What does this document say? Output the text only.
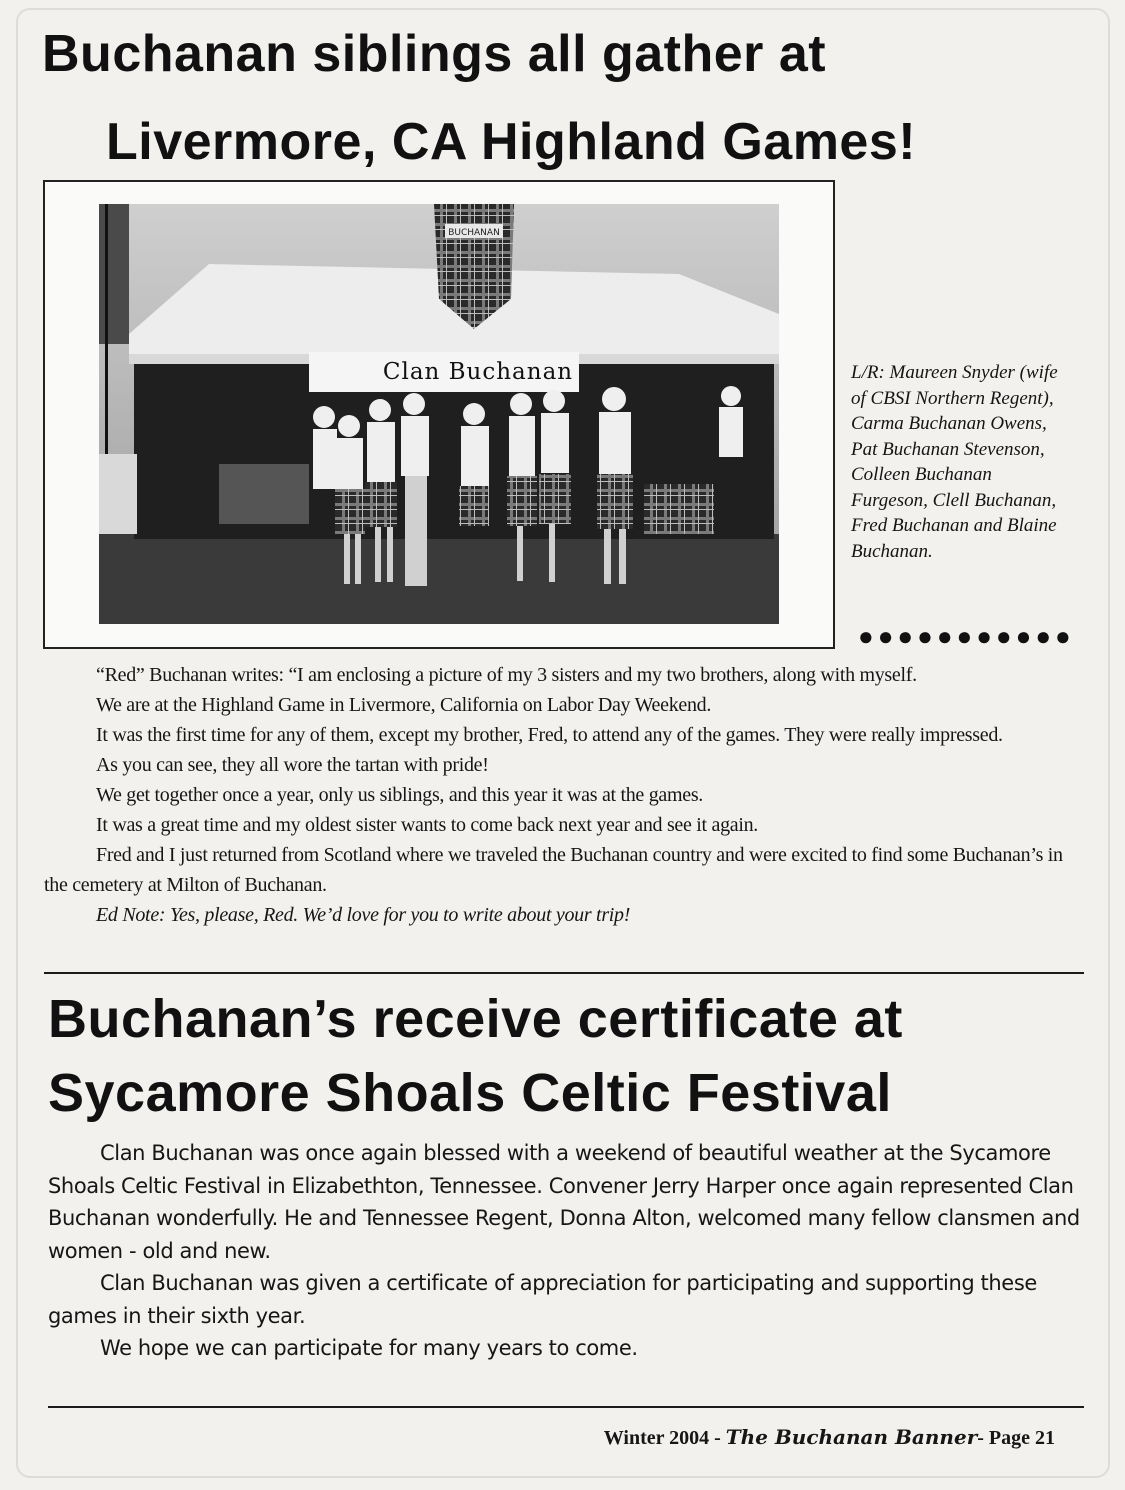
Buchanan siblings all gather at
Livermore, CA Highland Games!
BUCHANAN
Clan Buchanan	L/R: Maureen Snyder (wife of CBSI Northern Regent), Carma Buchanan Owens, Pat Buchanan Stevenson, Colleen Buchanan Furgeson, Clell Buchanan, Fred Buchanan and Blaine Buchanan.
●●●●●●●●●●●

“Red” Buchanan writes: “I am enclosing a picture of my 3 sisters and my two brothers, along with myself.

We are at the Highland Game in Livermore, California on Labor Day Weekend.

It was the first time for any of them, except my brother, Fred, to attend any of the games. They were really impressed.

As you can see, they all wore the tartan with pride!

We get together once a year, only us siblings, and this year it was at the games.

It was a great time and my oldest sister wants to come back next year and see it again.

Fred and I just returned from Scotland where we traveled the Buchanan country and were excited to find some Buchanan’s in the cemetery at Milton of Buchanan.

Ed Note: Yes, please, Red. We’d love for you to write about your trip!

Buchanan’s receive certificate at
Sycamore Shoals Celtic Festival

Clan Buchanan was once again blessed with a weekend of beautiful weather at the Sycamore Shoals Celtic Festival in Elizabethton, Tennessee. Convener Jerry Harper once again represented Clan Buchanan wonderfully. He and Tennessee Regent, Donna Alton, welcomed many fellow clansmen and women - old and new.

Clan Buchanan was given a certificate of appreciation for participating and supporting these games in their sixth year.

We hope we can participate for many years to come.

Winter 2004 - The Buchanan Banner- Page 21
